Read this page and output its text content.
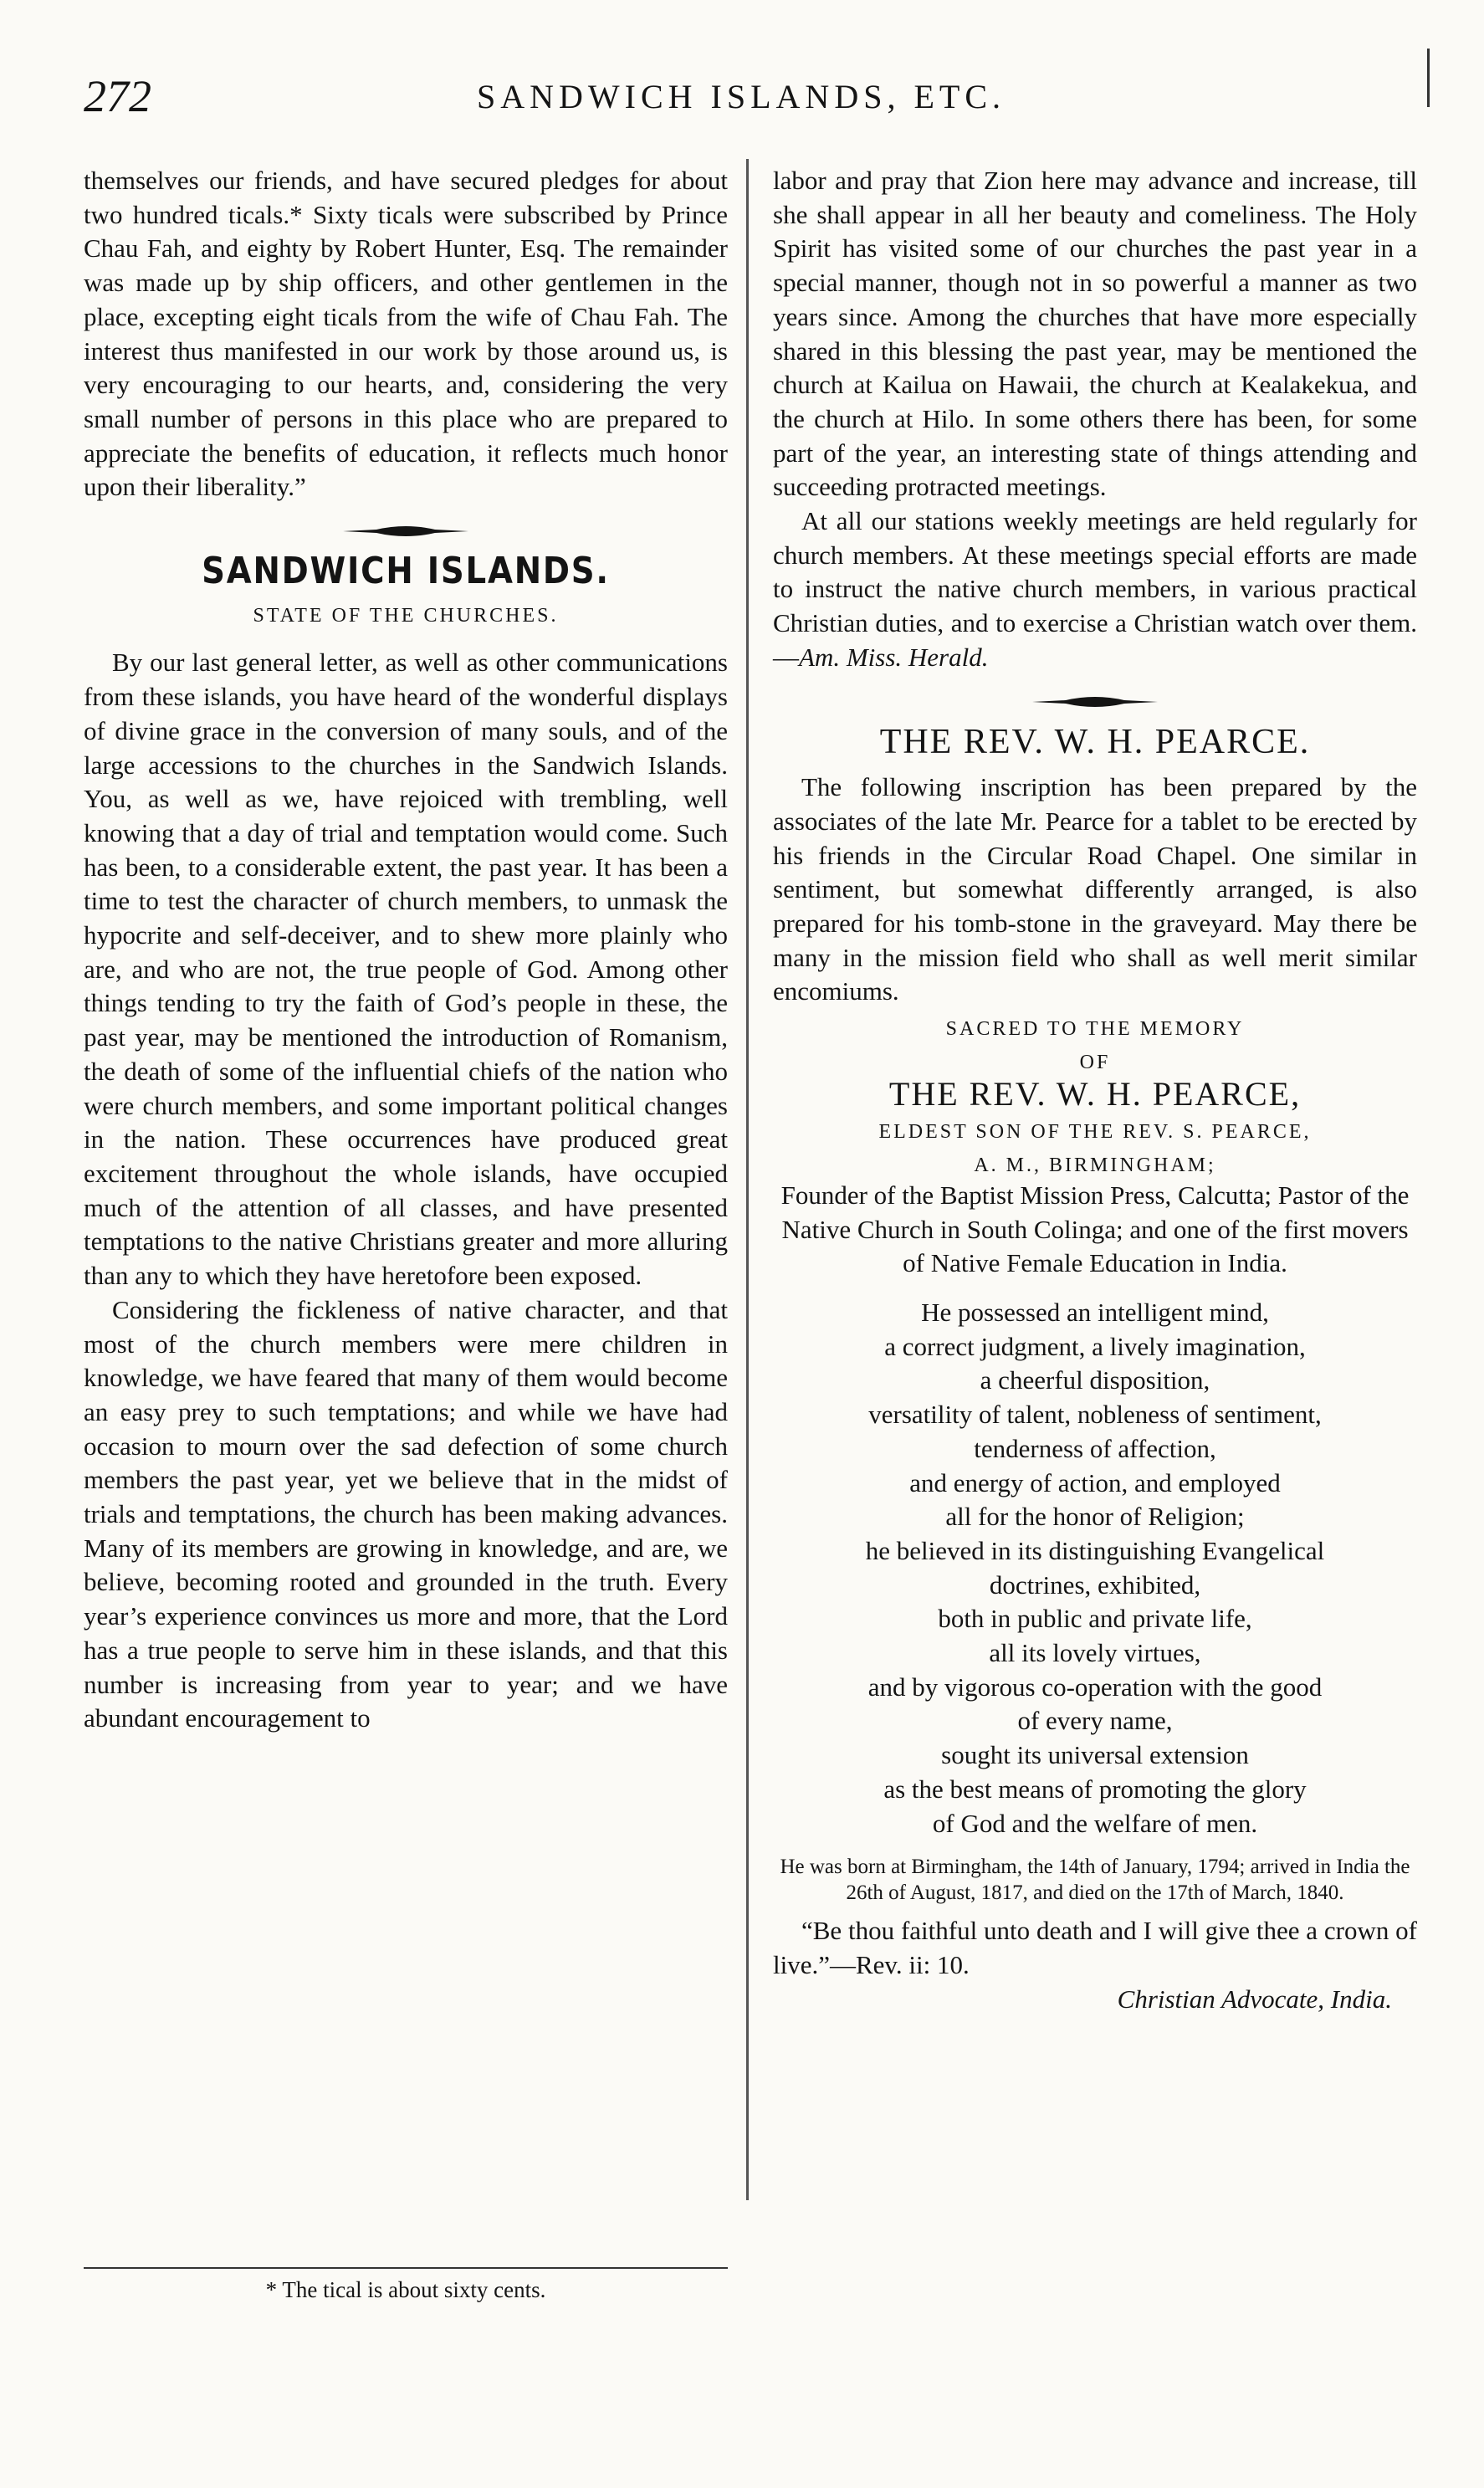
272	SANDWICH ISLANDS, ETC.

themselves our friends, and have secured pledges for about two hundred ticals.* Sixty ticals were subscribed by Prince Chau Fah, and eighty by Robert Hunter, Esq. The remainder was made up by ship officers, and other gentlemen in the place, excepting eight ticals from the wife of Chau Fah. The interest thus manifested in our work by those around us, is very encouraging to our hearts, and, considering the very small number of persons in this place who are prepared to appreciate the benefits of education, it reflects much honor upon their liberality.”

SANDWICH ISLANDS.
STATE OF THE CHURCHES.

By our last general letter, as well as other communications from these islands, you have heard of the wonderful displays of divine grace in the conversion of many souls, and of the large accessions to the churches in the Sandwich Islands. You, as well as we, have rejoiced with trembling, well knowing that a day of trial and temptation would come. Such has been, to a considerable extent, the past year. It has been a time to test the character of church members, to unmask the hypocrite and self-deceiver, and to shew more plainly who are, and who are not, the true people of God. Among other things tending to try the faith of God’s people in these, the past year, may be mentioned the introduction of Romanism, the death of some of the influential chiefs of the nation who were church members, and some important political changes in the nation. These occurrences have produced great excitement throughout the whole islands, have occupied much of the attention of all classes, and have presented temptations to the native Christians greater and more alluring than any to which they have heretofore been exposed.

Considering the fickleness of native character, and that most of the church members were mere children in knowledge, we have feared that many of them would become an easy prey to such temptations; and while we have had occasion to mourn over the sad defection of some church members the past year, yet we believe that in the midst of trials and temptations, the church has been making advances. Many of its members are growing in knowledge, and are, we believe, becoming rooted and grounded in the truth. Every year’s experience convinces us more and more, that the Lord has a true people to serve him in these islands, and that this number is increasing from year to year; and we have abundant encouragement to

labor and pray that Zion here may advance and increase, till she shall appear in all her beauty and comeliness. The Holy Spirit has visited some of our churches the past year in a special manner, though not in so powerful a manner as two years since. Among the churches that have more especially shared in this blessing the past year, may be mentioned the church at Kailua on Hawaii, the church at Kealakekua, and the church at Hilo. In some others there has been, for some part of the year, an interesting state of things attending and succeeding protracted meetings.

At all our stations weekly meetings are held regularly for church members. At these meetings special efforts are made to instruct the native church members, in various practical Christian duties, and to exercise a Christian watch over them.—Am. Miss. Herald.

THE REV. W. H. PEARCE.

The following inscription has been prepared by the associates of the late Mr. Pearce for a tablet to be erected by his friends in the Circular Road Chapel. One similar in sentiment, but somewhat differently arranged, is also prepared for his tomb-stone in the graveyard. May there be many in the mission field who shall as well merit similar encomiums.

SACRED TO THE MEMORY
OF
THE REV. W. H. PEARCE,
ELDEST SON OF THE REV. S. PEARCE,
A. M., BIRMINGHAM;

Founder of the Baptist Mission Press, Calcutta; Pastor of the Native Church in South Colinga; and one of the first movers of Native Female Education in India.

He possessed an intelligent mind,

a correct judgment, a lively imagination,

a cheerful disposition,

versatility of talent, nobleness of sentiment,

tenderness of affection,

and energy of action, and employed

all for the honor of Religion;

he believed in its distinguishing Evangelical

doctrines, exhibited,

both in public and private life,

all its lovely virtues,

and by vigorous co-operation with the good

of every name,

sought its universal extension

as the best means of promoting the glory

of God and the welfare of men.

He was born at Birmingham, the 14th of January, 1794; arrived in India the 26th of August, 1817, and died on the 17th of March, 1840.

“Be thou faithful unto death and I will give thee a crown of live.”—Rev. ii: 10.

Christian Advocate, India.

* The tical is about sixty cents.
